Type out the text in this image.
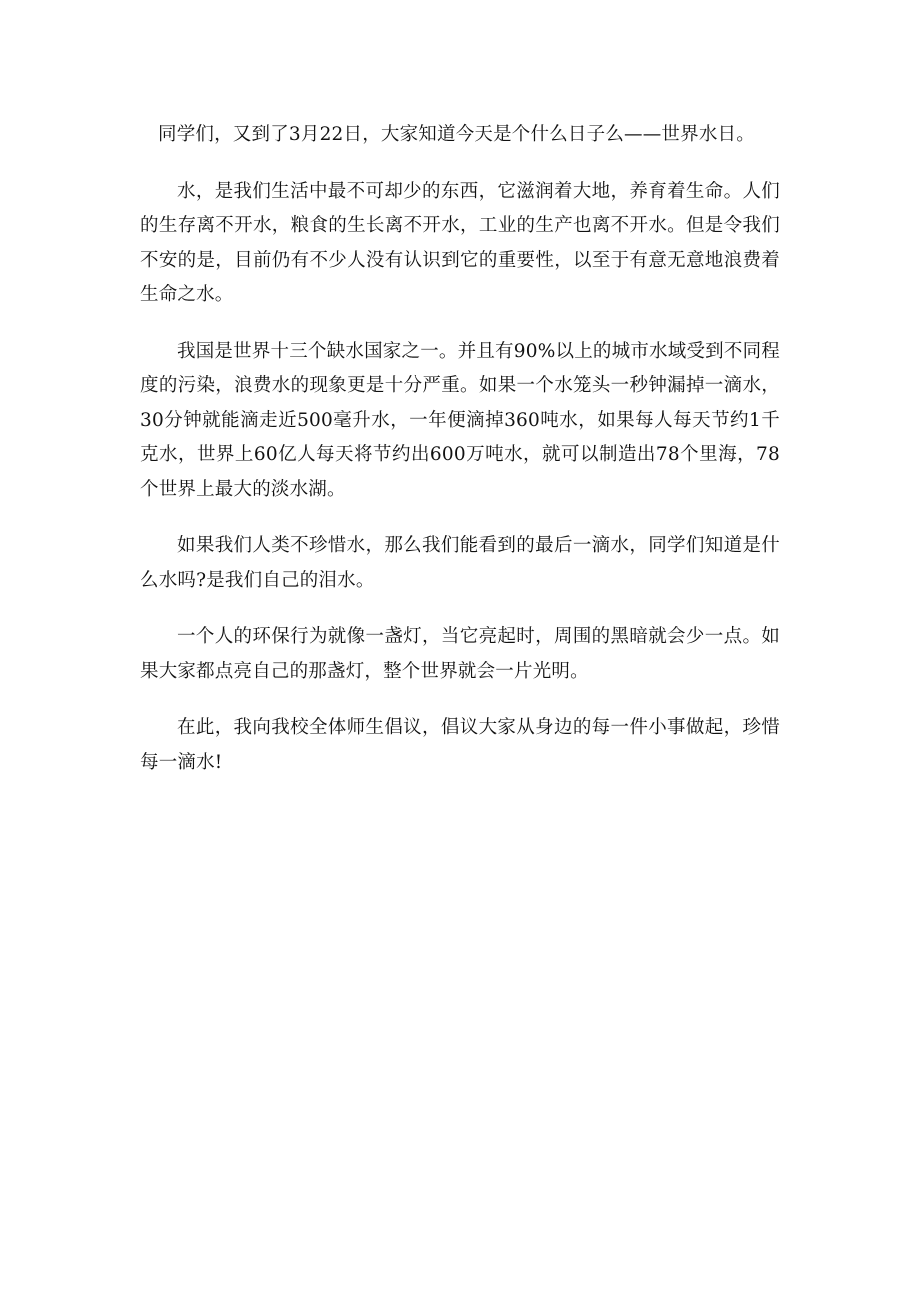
同学们，又到了3月22日，大家知道今天是个什么日子么——世界水日。

水，是我们生活中最不可却少的东西，它滋润着大地，养育着生命。人们的生存离不开水，粮食的生长离不开水，工业的生产也离不开水。但是令我们不安的是，目前仍有不少人没有认识到它的重要性，以至于有意无意地浪费着生命之水。

我国是世界十三个缺水国家之一。并且有90%以上的城市水域受到不同程度的污染，浪费水的现象更是十分严重。如果一个水笼头一秒钟漏掉一滴水，30分钟就能滴走近500毫升水，一年便滴掉360吨水，如果每人每天节约1千克水，世界上60亿人每天将节约出600万吨水，就可以制造出78个里海，78个世界上最大的淡水湖。

如果我们人类不珍惜水，那么我们能看到的最后一滴水，同学们知道是什么水吗?是我们自己的泪水。

一个人的环保行为就像一盏灯，当它亮起时，周围的黑暗就会少一点。如果大家都点亮自己的那盏灯，整个世界就会一片光明。

在此，我向我校全体师生倡议，倡议大家从身边的每一件小事做起，珍惜每一滴水!
